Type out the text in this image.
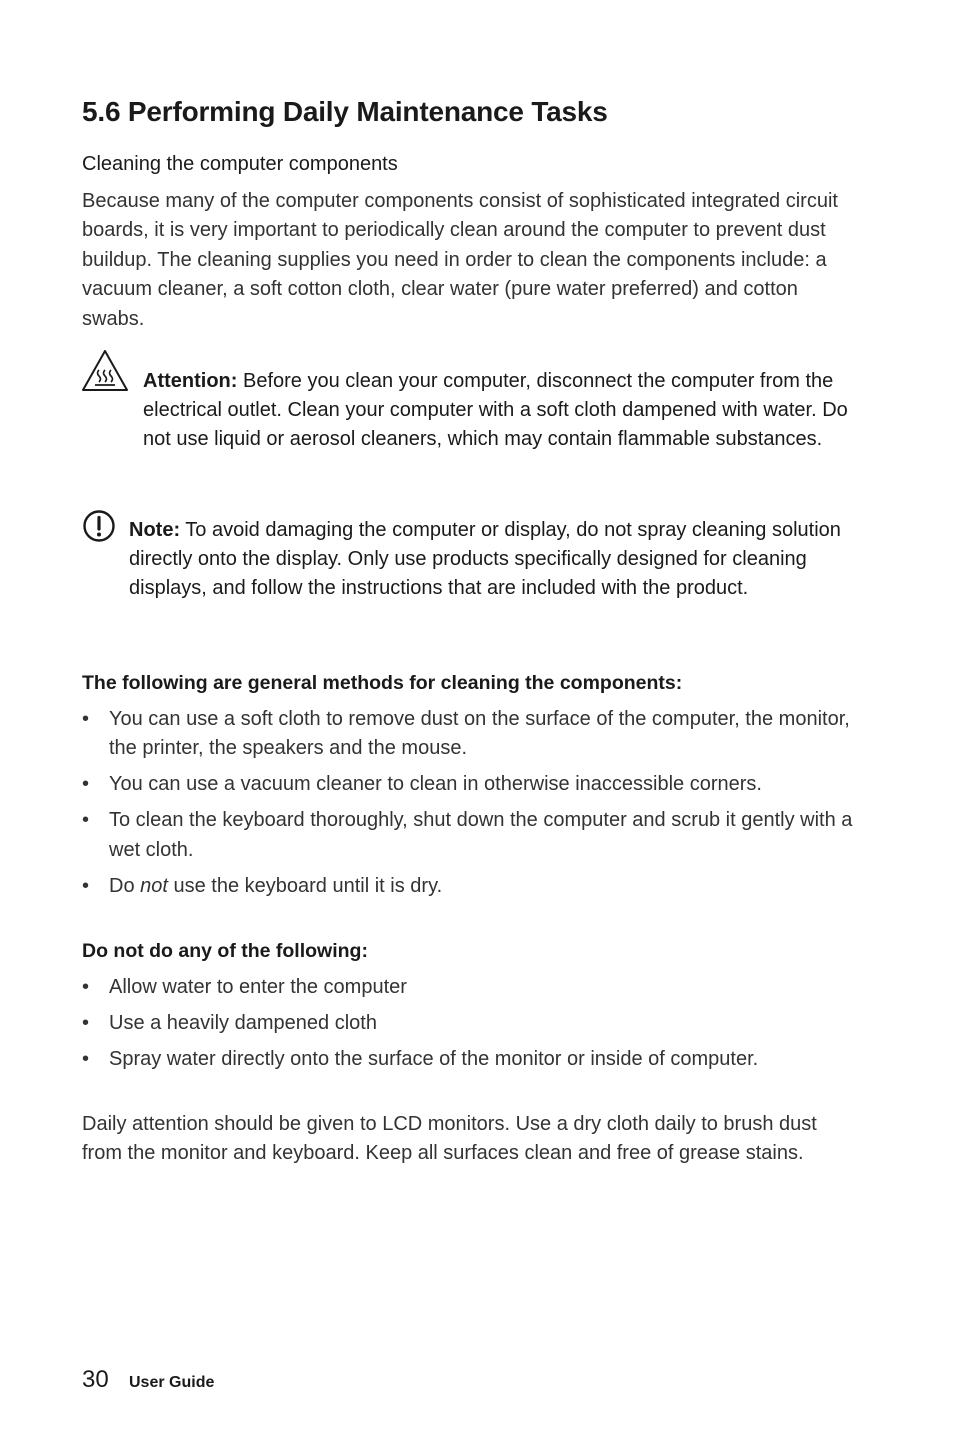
5.6 Performing Daily Maintenance Tasks

Cleaning the computer components

Because many of the computer components consist of sophisticated integrated circuit boards, it is very important to periodically clean around the computer to prevent dust buildup. The cleaning supplies you need in order to clean the components include: a vacuum cleaner, a soft cotton cloth, clear water (pure water preferred) and cotton swabs.

Attention: Before you clean your computer, disconnect the computer from the electrical outlet. Clean your computer with a soft cloth dampened with water. Do not use liquid or aerosol cleaners, which may contain flammable substances.

Note: To avoid damaging the computer or display, do not spray cleaning solution directly onto the display. Only use products specifically designed for cleaning displays, and follow the instructions that are included with the product.

The following are general methods for cleaning the components:

• You can use a soft cloth to remove dust on the surface of the computer, the monitor, the printer, the speakers and the mouse.
• You can use a vacuum cleaner to clean in otherwise inaccessible corners.
• To clean the keyboard thoroughly, shut down the computer and scrub it gently with a wet cloth.
• Do not use the keyboard until it is dry.

Do not do any of the following:

• Allow water to enter the computer
• Use a heavily dampened cloth
• Spray water directly onto the surface of the monitor or inside of computer.

Daily attention should be given to LCD monitors. Use a dry cloth daily to brush dust from the monitor and keyboard. Keep all surfaces clean and free of grease stains.

30 User Guide
